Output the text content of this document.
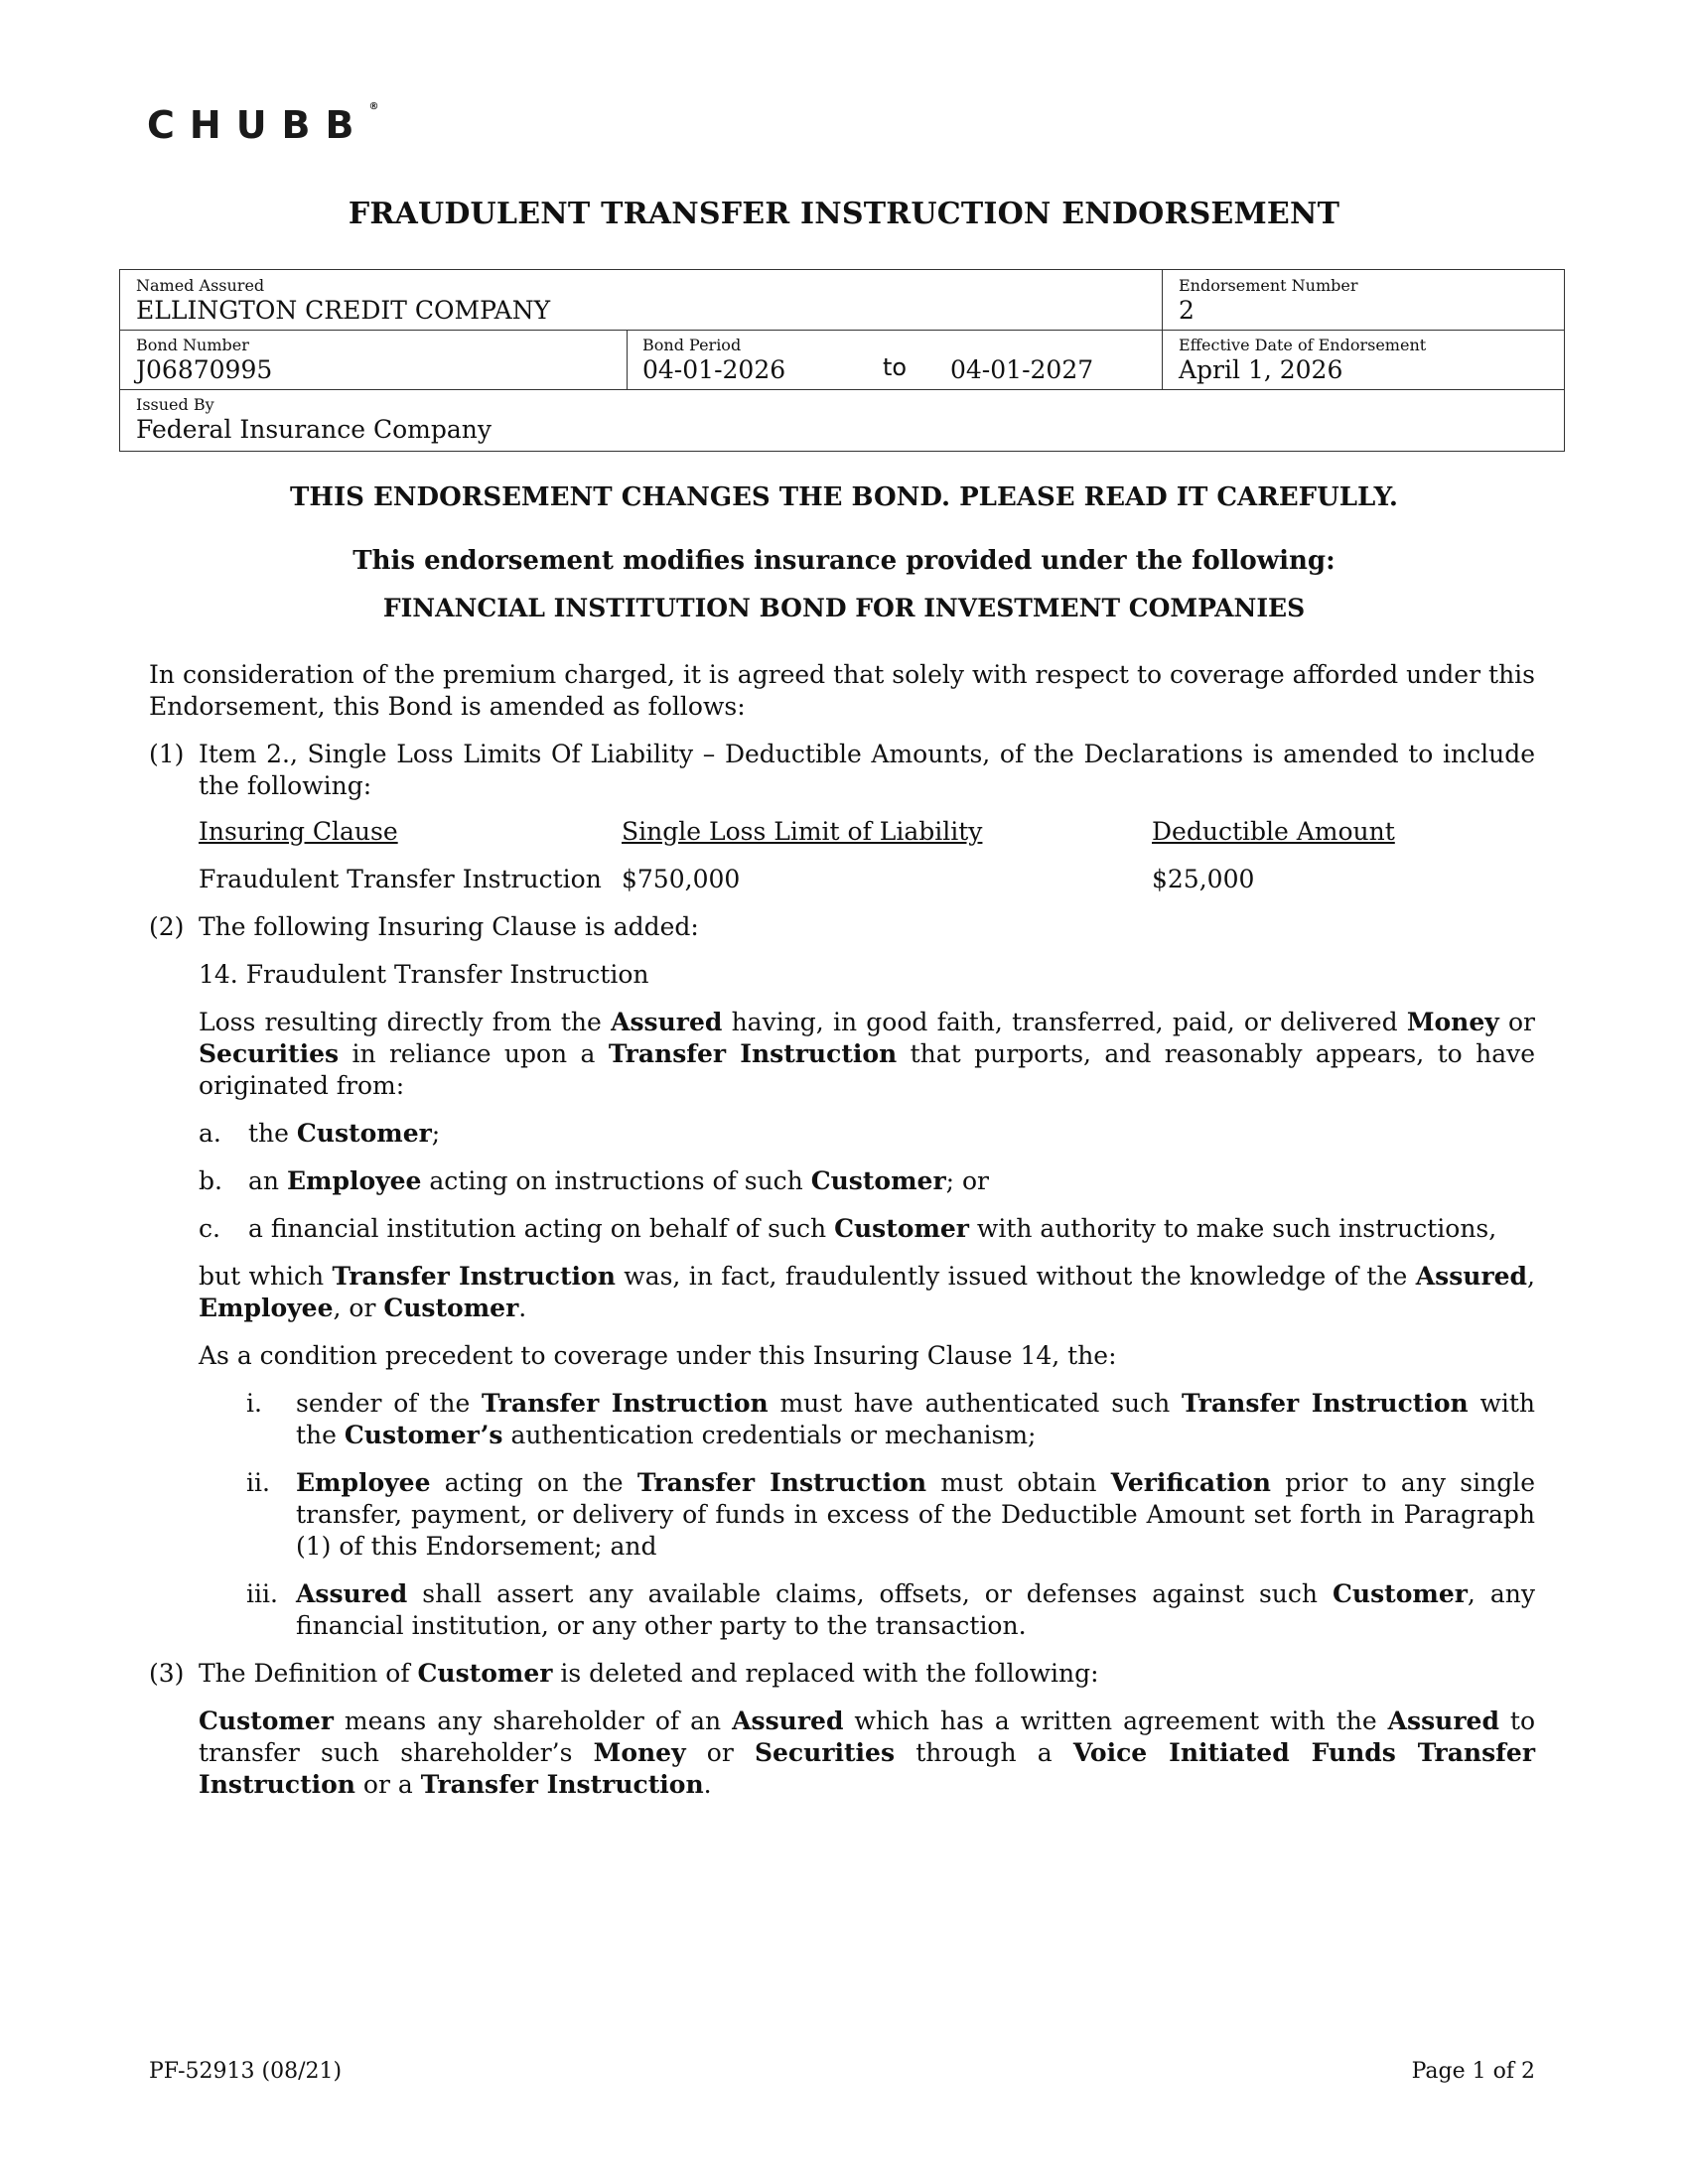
CHUBB®
FRAUDULENT TRANSFER INSTRUCTION ENDORSEMENT
Named Assured
ELLINGTON CREDIT COMPANY
Endorsement Number
2
Bond Number
J06870995
Bond Period
04-01-2026	to 04-01-2027
Effective Date of Endorsement
April 1, 2026
Issued By
Federal Insurance Company
THIS ENDORSEMENT CHANGES THE BOND. PLEASE READ IT CAREFULLY.
This endorsement modifies insurance provided under the following:
FINANCIAL INSTITUTION BOND FOR INVESTMENT COMPANIES
In consideration of the premium charged, it is agreed that solely with respect to coverage afforded under this Endorsement, this Bond is amended as follows:
(1) Item 2., Single Loss Limits Of Liability – Deductible Amounts, of the Declarations is amended to include the following:
Insuring Clause	Single Loss Limit of Liability	Deductible Amount
Fraudulent Transfer Instruction $750,000	$25,000
(2) The following Insuring Clause is added:
14. Fraudulent Transfer Instruction
Loss resulting directly from the Assured having, in good faith, transferred, paid, or delivered Money or Securities in reliance upon a Transfer Instruction that purports, and reasonably appears, to have originated from:
a. the Customer;
b. an Employee acting on instructions of such Customer; or
c. a financial institution acting on behalf of such Customer with authority to make such instructions,
but which Transfer Instruction was, in fact, fraudulently issued without the knowledge of the Assured, Employee, or Customer.
As a condition precedent to coverage under this Insuring Clause 14, the:
i. sender of the Transfer Instruction must have authenticated such Transfer Instruction with the Customer’s authentication credentials or mechanism;
ii. Employee acting on the Transfer Instruction must obtain Verification prior to any single transfer, payment, or delivery of funds in excess of the Deductible Amount set forth in Paragraph (1) of this Endorsement; and
iii. Assured shall assert any available claims, offsets, or defenses against such Customer, any financial institution, or any other party to the transaction.
(3) The Definition of Customer is deleted and replaced with the following:
Customer means any shareholder of an Assured which has a written agreement with the Assured to transfer such shareholder’s Money or Securities through a Voice Initiated Funds Transfer Instruction or a Transfer Instruction.
PF-52913 (08/21)	Page 1 of 2
